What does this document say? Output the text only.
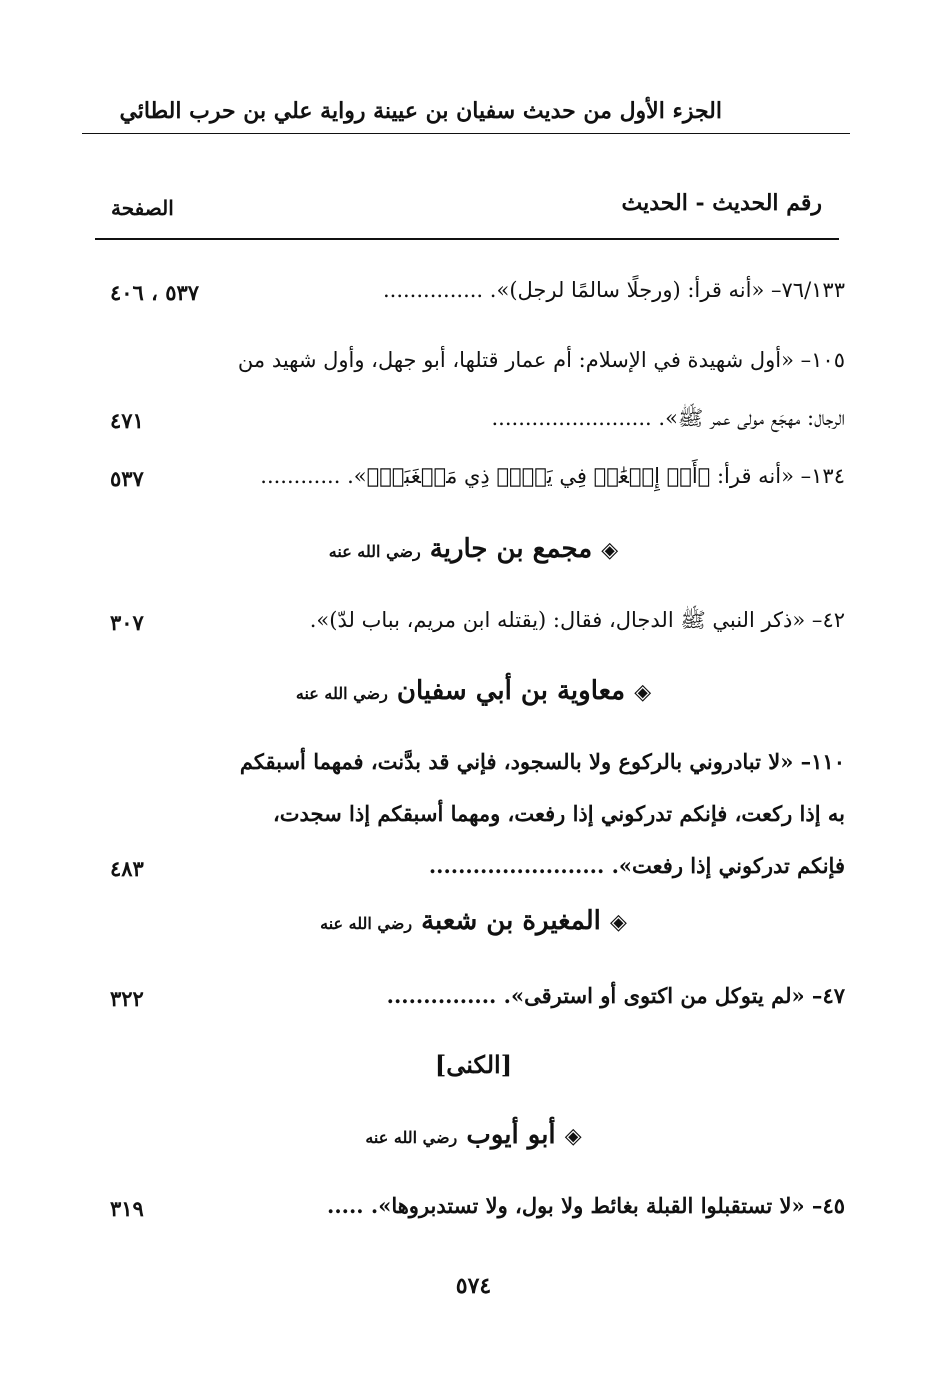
الجزء الأول من حديث سفيان بن عيينة رواية علي بن حرب الطائي
رقم الحديث - الحديث
الصفحة
٧٦/١٣٣– «أنه قرأ: (ورجلًا سالمًا لرجل)». ...............
٥٣٧ ، ٤٠٦
١٠٥– «أول شهيدة في الإسلام: أم عمار قتلها، أبو جهل، وأول شهيد من
الرجال: مهجَع مولى عمر ﷺ». ........................
٤٧١
١٣٤– «أنه قرأ: ﴿أَوۡ إِطۡعَٰمٞ فِي يَوۡمٖ ذِي مَسۡغَبَةٖ﴾». ............
٥٣٧
◈ مجمع بن جارية رضي الله عنه
٤٢– «ذكر النبي ﷺ الدجال، فقال: (يقتله ابن مريم، بباب لدّ)».
٣٠٧
◈ معاوية بن أبي سفيان رضي الله عنه
١١٠– «لا تبادروني بالركوع ولا بالسجود، فإني قد بدَّنت، فمهما أسبقكم
به إذا ركعت، فإنكم تدركوني إذا رفعت، ومهما أسبقكم إذا سجدت،
فإنكم تدركوني إذا رفعت». ........................
٤٨٣
◈ المغيرة بن شعبة رضي الله عنه
٤٧– «لم يتوكل من اكتوى أو استرقى». ...............
٣٢٢
[الكنى]
◈ أبو أيوب رضي الله عنه
٤٥– «لا تستقبلوا القبلة بغائط ولا بول، ولا تستدبروها». .....
٣١٩
٥٧٤
